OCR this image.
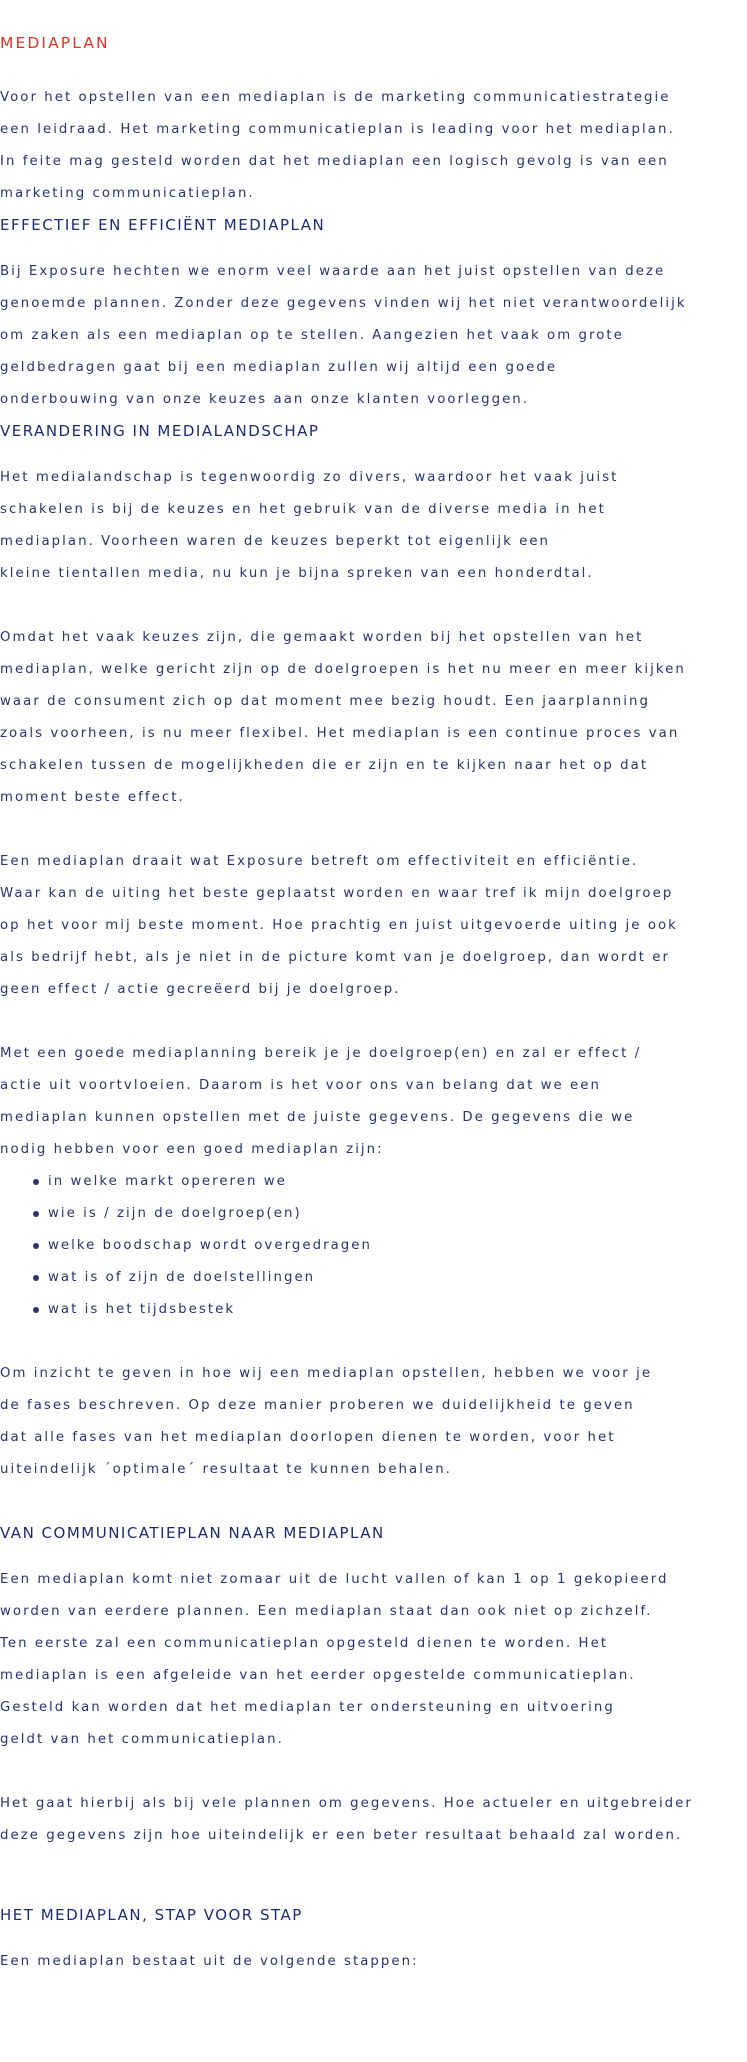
MEDIAPLAN
Voor het opstellen van een mediaplan is de marketing communicatiestrategie
een leidraad. Het marketing communicatieplan is leading voor het mediaplan.
In feite mag gesteld worden dat het mediaplan een logisch gevolg is van een
marketing communicatieplan.
EFFECTIEF EN EFFICIËNT MEDIAPLAN
Bij Exposure hechten we enorm veel waarde aan het juist opstellen van deze
genoemde plannen. Zonder deze gegevens vinden wij het niet verantwoordelijk
om zaken als een mediaplan op te stellen. Aangezien het vaak om grote
geldbedragen gaat bij een mediaplan zullen wij altijd een goede
onderbouwing van onze keuzes aan onze klanten voorleggen.
VERANDERING IN MEDIALANDSCHAP
Het medialandschap is tegenwoordig zo divers, waardoor het vaak juist
schakelen is bij de keuzes en het gebruik van de diverse media in het
mediaplan. Voorheen waren de keuzes beperkt tot eigenlijk een
kleine tientallen media, nu kun je bijna spreken van een honderdtal.
Omdat het vaak keuzes zijn, die gemaakt worden bij het opstellen van het
mediaplan, welke gericht zijn op de doelgroepen is het nu meer en meer kijken
waar de consument zich op dat moment mee bezig houdt. Een jaarplanning
zoals voorheen, is nu meer flexibel. Het mediaplan is een continue proces van
schakelen tussen de mogelijkheden die er zijn en te kijken naar het op dat
moment beste effect.
Een mediaplan draait wat Exposure betreft om effectiviteit en efficiëntie.
Waar kan de uiting het beste geplaatst worden en waar tref ik mijn doelgroep
op het voor mij beste moment. Hoe prachtig en juist uitgevoerde uiting je ook
als bedrijf hebt, als je niet in de picture komt van je doelgroep, dan wordt er
geen effect / actie gecreëerd bij je doelgroep.
Met een goede mediaplanning bereik je je doelgroep(en) en zal er effect /
actie uit voortvloeien. Daarom is het voor ons van belang dat we een
mediaplan kunnen opstellen met de juiste gegevens. De gegevens die we
nodig hebben voor een goed mediaplan zijn:
in welke markt opereren we
wie is / zijn de doelgroep(en)
welke boodschap wordt overgedragen
wat is of zijn de doelstellingen
wat is het tijdsbestek
Om inzicht te geven in hoe wij een mediaplan opstellen, hebben we voor je
de fases beschreven. Op deze manier proberen we duidelijkheid te geven
dat alle fases van het mediaplan doorlopen dienen te worden, voor het
uiteindelijk ´optimale´ resultaat te kunnen behalen.
VAN COMMUNICATIEPLAN NAAR MEDIAPLAN
Een mediaplan komt niet zomaar uit de lucht vallen of kan 1 op 1 gekopieerd
worden van eerdere plannen. Een mediaplan staat dan ook niet op zichzelf.
Ten eerste zal een communicatieplan opgesteld dienen te worden. Het
mediaplan is een afgeleide van het eerder opgestelde communicatieplan.
Gesteld kan worden dat het mediaplan ter ondersteuning en uitvoering
geldt van het communicatieplan.
Het gaat hierbij als bij vele plannen om gegevens. Hoe actueler en uitgebreider
deze gegevens zijn hoe uiteindelijk er een beter resultaat behaald zal worden.
HET MEDIAPLAN, STAP VOOR STAP
Een mediaplan bestaat uit de volgende stappen:
